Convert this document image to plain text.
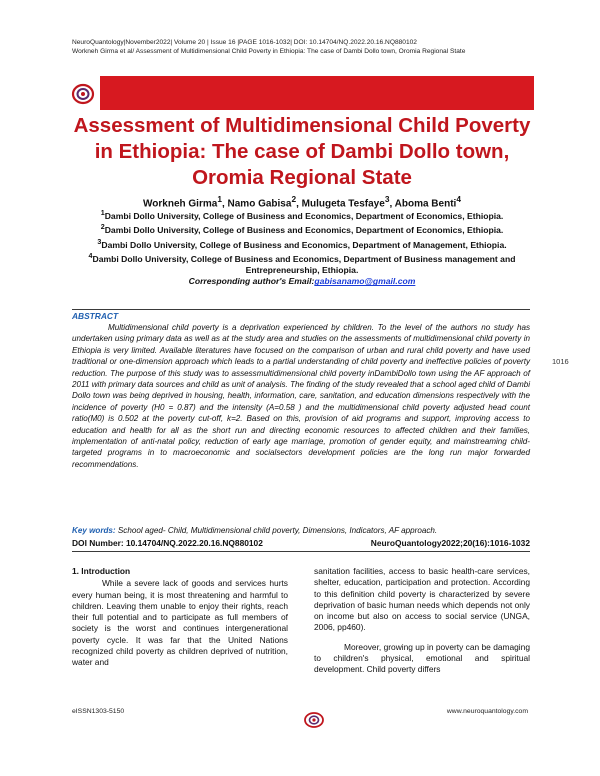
NeuroQuantology|November2022| Volume 20 | Issue 16 |PAGE 1016-1032| DOI: 10.14704/NQ.2022.20.16.NQ880102
Workneh Girma et al/ Assessment of Multidimensional Child Poverty in Ethiopia: The case of Dambi Dollo town, Oromia Regional State
Assessment of Multidimensional Child Poverty in Ethiopia: The case of Dambi Dollo town, Oromia Regional State
Workneh Girma$^1$, Namo Gabisa$^2$, Mulugeta Tesfaye$^3$, Aboma Benti$^4$
$^1$Dambi Dollo University, College of Business and Economics, Department of Economics, Ethiopia.
$^2$Dambi Dollo University, College of Business and Economics, Department of Economics, Ethiopia.
$^3$Dambi Dollo University, College of Business and Economics, Department of Management, Ethiopia.
$^4$Dambi Dollo University, College of Business and Economics, Department of Business management and Entrepreneurship, Ethiopia.
Corresponding author's Email:gabisanamo@gmail.com
ABSTRACT
Multidimensional child poverty is a deprivation experienced by children. To the level of the authors no study has undertaken using primary data as well as at the study area and studies on the assessments of multidimensional child poverty in Ethiopia is very limited. Available literatures have focused on the comparison of urban and rural child poverty and have used traditional or one-dimension approach which leads to a partial understanding of child poverty and ineffective policies of poverty reduction. The purpose of this study was to assessmultidimensional child poverty inDambiDollo town using the AF approach of 2011 with primary data sources and child as unit of analysis. The finding of the study revealed that a school aged child of Dambi Dollo town was being deprived in housing, health, information, care, sanitation, and education dimensions respectively with the incidence of poverty (H0 = 0.87) and the intensity (A=0.58 ) and the multidimensional child poverty adjusted head count ratio(M0) is 0.502 at the poverty cut-off, k=2. Based on this, provision of aid programs and support, improving access to education and health for all as the short run and directing economic resources to affected children and their families, implementation of anti-natal policy, reduction of early age marriage, promotion of gender equity, and mainstreaming child-targeted programs in to macroeconomic and socialsectors development policies are the long run major forwarded recommendations.
Key words: School aged- Child, Multidimensional child poverty, Dimensions, Indicators, AF approach.
DOI Number: 10.14704/NQ.2022.20.16.NQ880102	NeuroQuantology2022;20(16):1016-1032
1016
1. Introduction

While a severe lack of goods and services hurts every human being, it is most threatening and harmful to children. Leaving them unable to enjoy their rights, reach their full potential and to participate as full members of society is the worst and continues intergenerational poverty cycle. It was far that the United Nations recognized child poverty as children deprived of nutrition, water and

sanitation facilities, access to basic health-care services, shelter, education, participation and protection. According to this definition child poverty is characterized by severe deprivation of basic human needs which depends not only on income but also on access to social service (UNGA, 2006, pp460).

Moreover, growing up in poverty can be damaging to children's physical, emotional and spiritual development. Child poverty differs

eISSN1303-5150	www.neuroquantology.com
